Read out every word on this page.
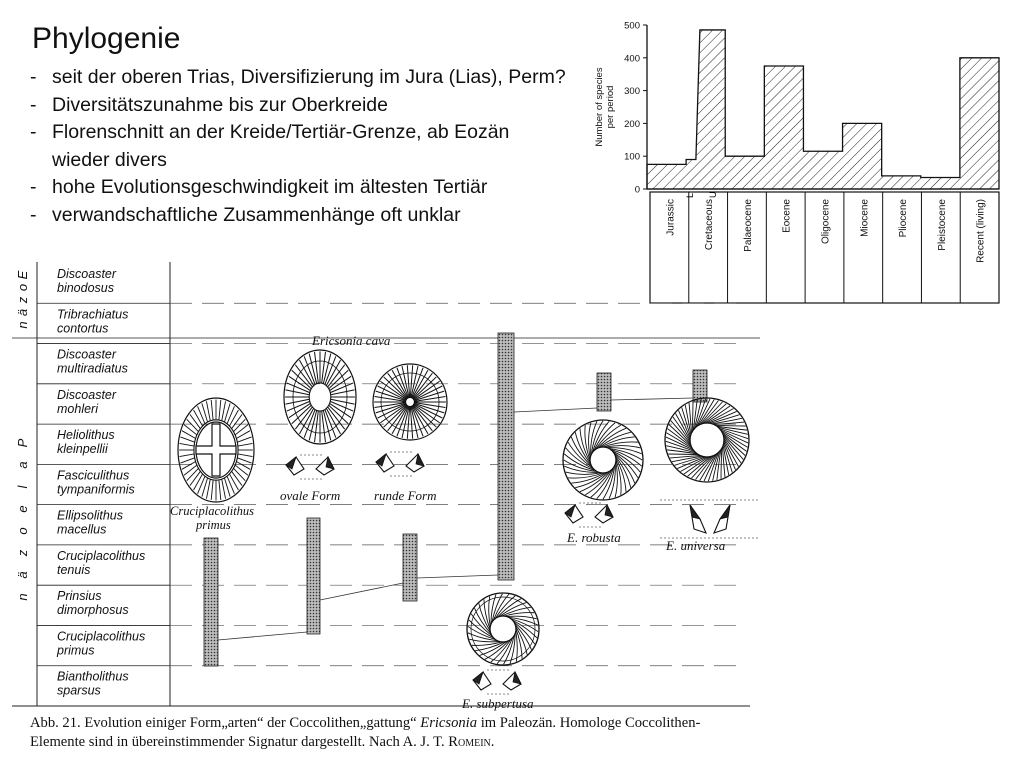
Phylogenie
- seit der oberen Trias, Diversifizierung im Jura (Lias), Perm?
- Diversitätszunahme bis zur Oberkreide
- Florenschnitt an der Kreide/Tertiär-Grenze, ab Eozän wieder divers
- hohe Evolutionsgeschwindigkeit im ältesten Tertiär
- verwandschaftliche Zusammenhänge oft unklar
0
100
200
300
400
500
Number of speciesper period
Jurassic	Cretaceous	Palaeocene	Eocene	Oligocene	Miocene	Pliocene	Pleistocene	Recent (living)
L U
E
o
z
ä
n
P
a
l
e
o
z
ä
n
Discoaster binodosus
Tribrachiatus contortus
Discoaster multiradiatus
Discoaster mohleri
Heliolithus kleinpellii
Fasciculithus tympaniformis
Ellipsolithus macellus
Cruciplacolithus tenuis
Prinsius dimorphosus
Cruciplacolithus primus
Biantholithus sparsus
Ericsonia cava
ovale Form	runde Form
Cruciplacolithus primus
E. robusta
E. universa
E. subpertusa
Abb. 21. Evolution einiger Form„arten“ der Coccolithen„gattung“ Ericsonia im Paleozän. Homologe Coccolithen-Elemente sind in übereinstimmender Signatur dargestellt. Nach A. J. T. Romein.
